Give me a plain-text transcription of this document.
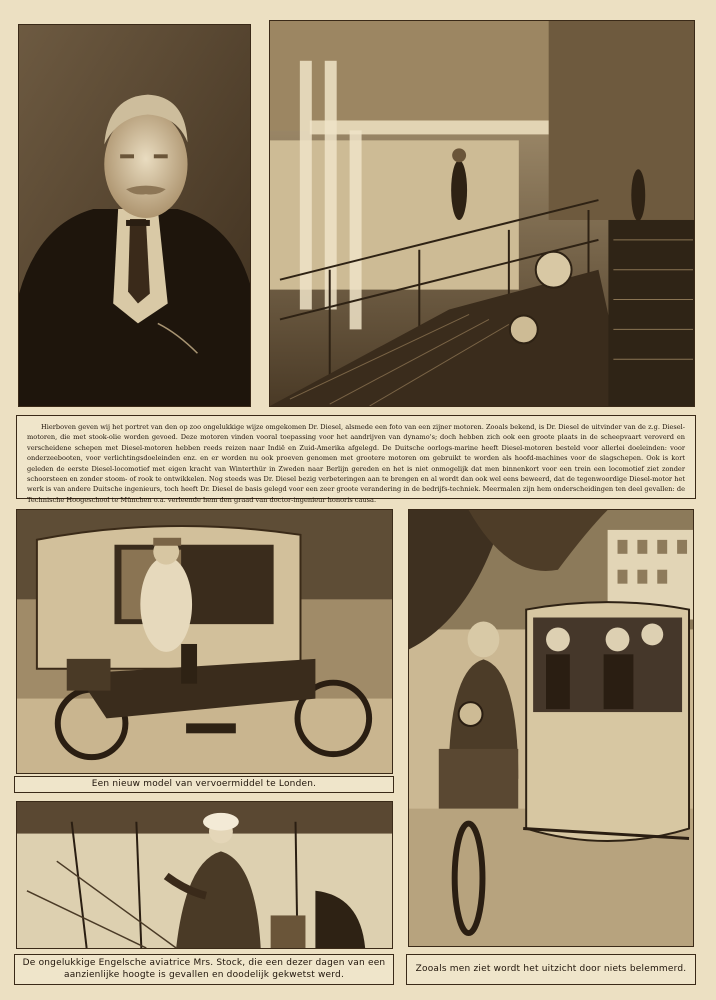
Hierboven geven wij het portret van den op zoo ongelukkige wijze omgekomen Dr. Diesel, alsmede een foto van een zijner motoren. Zooals bekend, is Dr. Diesel de uitvinder van de z.g. Diesel-motoren, die met stook-olie worden gevoed. Deze motoren vinden vooral toepassing voor het aandrijven van dynamo's; doch hebben zich ook een groote plaats in de scheepvaart veroverd en verscheidene schepen met Diesel-motoren hebben reeds reizen naar Indië en Zuid-Amerika afgelegd. De Duitsche oorlogs-marine heeft Diesel-motoren besteld voor allerlei doeleinden: voor onderzeebooten, voor verlichtingsdoeleinden enz. en er worden nu ook proeven genomen met grootere motoren om gebruikt te worden als hoofd-machines voor de slagschepen. Ook is kort geleden de eerste Diesel-locomotief met eigen kracht van Winterthür in Zweden naar Berlijn gereden en het is niet onmogelijk dat men binnenkort voor een trein een locomotief ziet zonder schoorsteen en zonder stoom- of rook te ontwikkelen. Nog steeds was Dr. Diesel bezig verbeteringen aan te brengen en al wordt dan ook wel eens beweerd, dat de tegenwoordige Diesel-motor het werk is van andere Duitsche ingenieurs, toch heeft Dr. Diesel de basis gelegd voor een zeer groote verandering in de bedrijfs-techniek. Meermalen zijn hem onderscheidingen ten deel gevallen: de Technische Hoogeschool te München o.a. verleende hem den graad van doctor-ingenieur honoris causa.

Een nieuw model van vervoermiddel te Londen.
De ongelukkige Engelsche aviatrice Mrs. Stock, die een dezer dagen van een aanzienlijke hoogte is gevallen en doodelijk gekwetst werd.
Zooals men ziet wordt het uitzicht door niets belemmerd.
